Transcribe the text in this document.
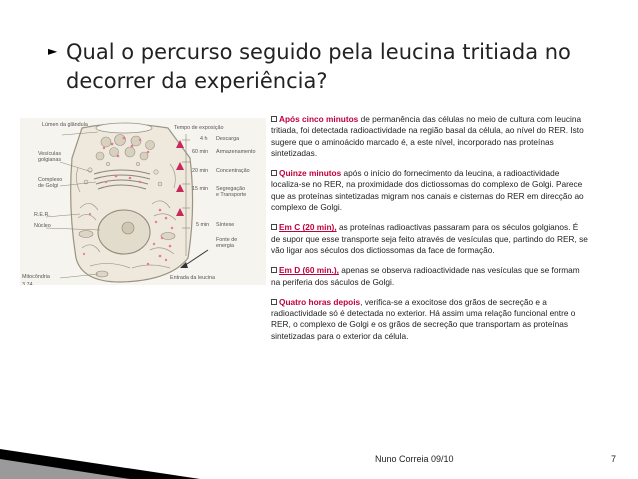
► Qual o percurso seguido pela leucina tritiada no decorrer da experiência?
Lúmen da glândula
Vesículas golgianas
Complexo de Golgi
R.E.R.
Núcleo
Mitocôndria
3.74
Tempo de exposição
4 h Descarga
60 min Armazenamento
20 min Concentração
15 min Segregação
e Transporte
5 min Síntese
Fonte de energia
Entrada da leucina

Após cinco minutos de permanência das células no meio de cultura com leucina tritiada, foi detectada radioactividade na região basal da célula, ao nível do RER. Isto sugere que o aminoácido marcado é, a este nível, incorporado nas proteínas sintetizadas.

Quinze minutos após o início do fornecimento da leucina, a radioactividade localiza-se no RER, na proximidade dos dictiossomas do complexo de Golgi. Parece que as proteínas sintetizadas migram nos canais e cisternas do RER em direcção ao complexo de Golgi.

Em C (20 min), as proteínas radioactivas passaram para os séculos golgianos. É de supor que esse transporte seja feito através de vesículas que, partindo do RER, se vão ligar aos séculos dos dictiossomas da face de formação.

Em D (60 min.), apenas se observa radioactividade nas vesículas que se formam na periferia dos sáculos de Golgi.

Quatro horas depois, verifica-se a exocitose dos grãos de secreção e a radioactividade só é detectada no exterior. Há assim uma relação funcional entre o RER, o complexo de Golgi e os grãos de secreção que transportam as proteínas sintetizadas para o exterior da célula.

Nuno Correia 09/10	7
